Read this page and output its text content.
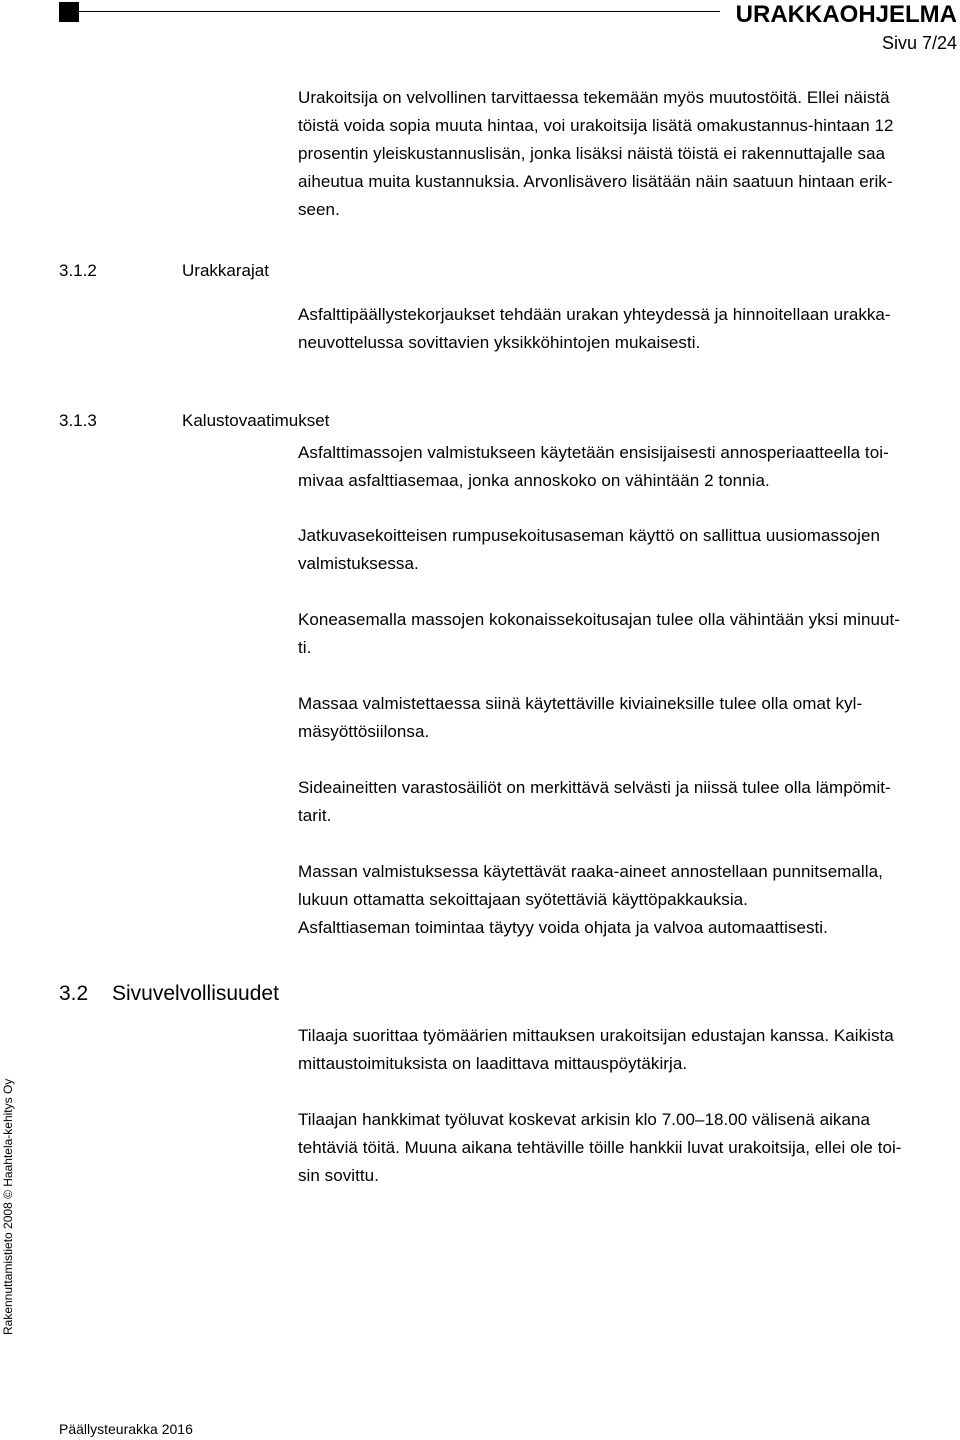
URAKKAOHJELMA
Sivu 7/24

Urakoitsija on velvollinen tarvittaessa tekemään myös muutostöitä. Ellei näistä
töistä voida sopia muuta hintaa, voi urakoitsija lisätä omakustannus-hintaan 12
prosentin yleiskustannuslisän, jonka lisäksi näistä töistä ei rakennuttajalle saa
aiheutua muita kustannuksia. Arvonlisävero lisätään näin saatuun hintaan erik-
seen.

3.1.2	Urakkarajat

Asfalttipäällystekorjaukset tehdään urakan yhteydessä ja hinnoitellaan urakka-
neuvottelussa sovittavien yksikköhintojen mukaisesti.

3.1.3	Kalustovaatimukset

Asfalttimassojen valmistukseen käytetään ensisijaisesti annosperiaatteella toi-
mivaa asfalttiasemaa, jonka annoskoko on vähintään 2 tonnia.

Jatkuvasekoitteisen rumpusekoitusaseman käyttö on sallittua uusiomassojen
valmistuksessa.

Koneasemalla massojen kokonaissekoitusajan tulee olla vähintään yksi minuut-
ti.

Massaa valmistettaessa siinä käytettäville kiviaineksille tulee olla omat kyl-
mäsyöttösiilonsa.

Sideaineitten varastosäiliöt on merkittävä selvästi ja niissä tulee olla lämpömit-
tarit.

Massan valmistuksessa käytettävät raaka-aineet annostellaan punnitsemalla,
lukuun ottamatta sekoittajaan syötettäviä käyttöpakkauksia.
Asfalttiaseman toimintaa täytyy voida ohjata ja valvoa automaattisesti.

3.2 Sivuvelvollisuudet

Tilaaja suorittaa työmäärien mittauksen urakoitsijan edustajan kanssa. Kaikista
mittaustoimituksista on laadittava mittauspöytäkirja.

Tilaajan hankkimat työluvat koskevat arkisin klo 7.00–18.00 välisenä aikana
tehtäviä töitä. Muuna aikana tehtäville töille hankkii luvat urakoitsija, ellei ole toi-
sin sovittu.

Rakennuttamistieto 2008 © Haahtela-kehitys Oy
Päällysteurakka 2016
